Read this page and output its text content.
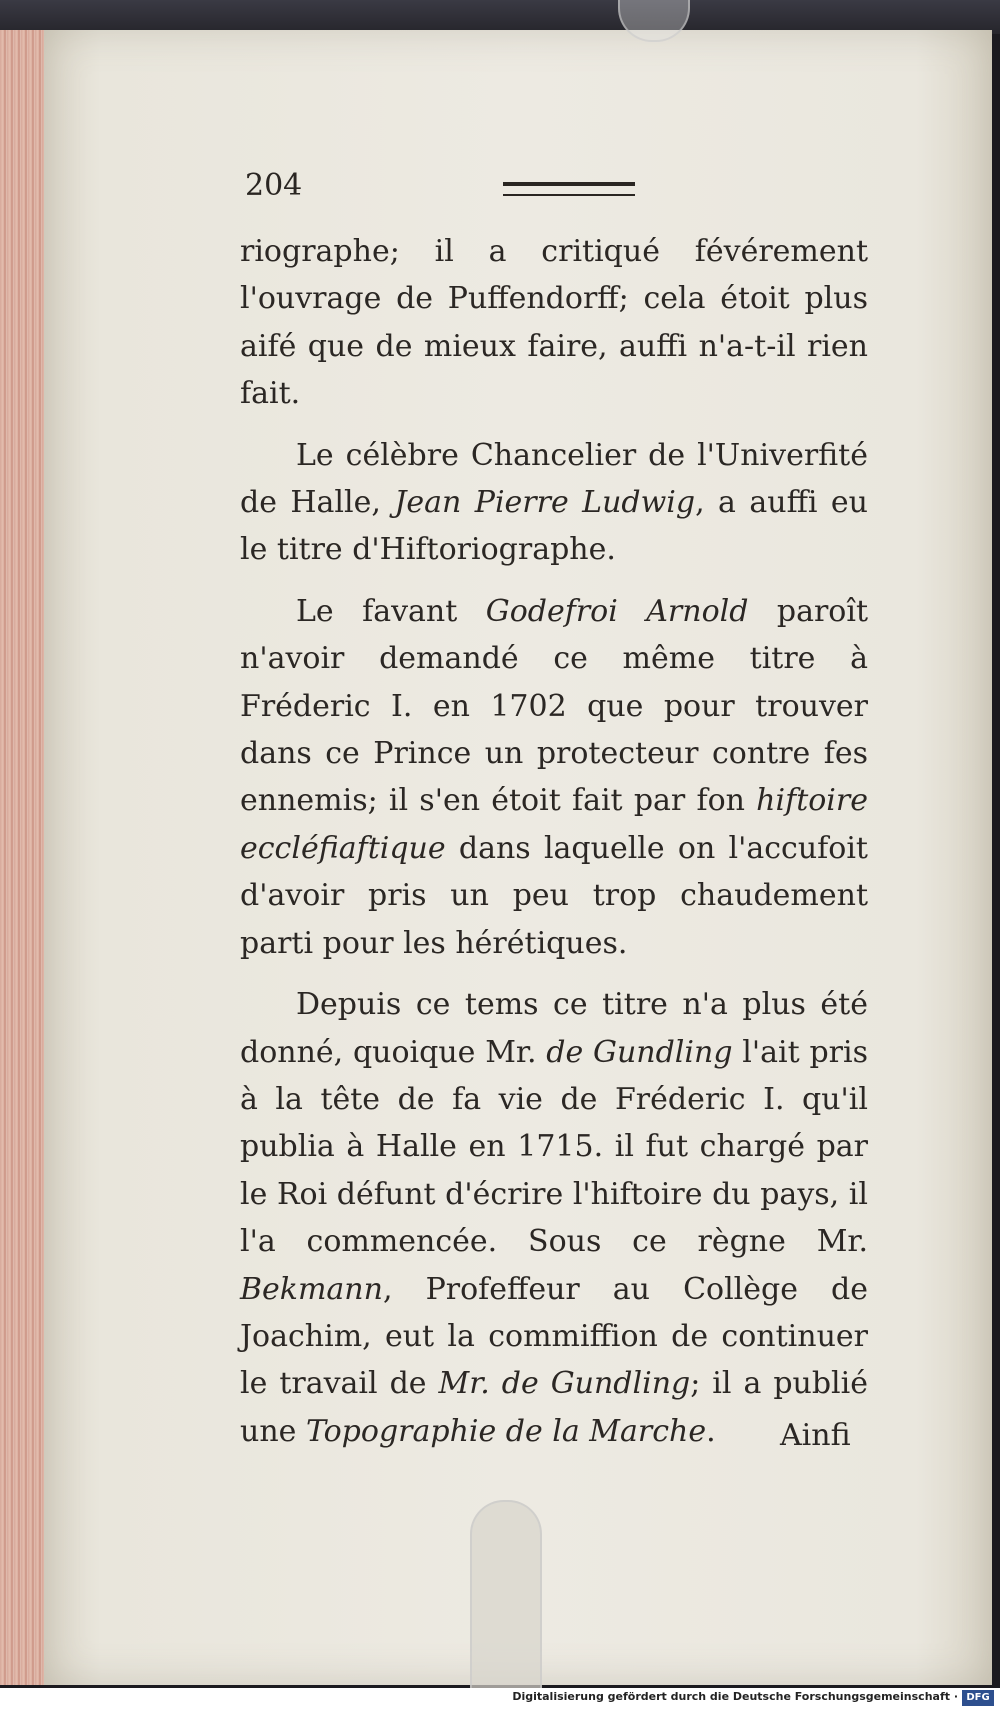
204

riographe; il a critiqué févérement l'ouvrage de Puffendorff; cela étoit plus aifé que de mieux faire, auffi n'a-t-il rien fait.

Le célèbre Chancelier de l'Univerfité de Halle, Jean Pierre Ludwig, a auffi eu le titre d'Hiftoriographe.

Le favant Godefroi Arnold paroît n'avoir demandé ce même titre à Fréderic I. en 1702 que pour trouver dans ce Prince un protecteur contre fes ennemis; il s'en étoit fait par fon hiftoire eccléfiaftique dans laquelle on l'accufoit d'avoir pris un peu trop chaudement parti pour les hérétiques.

Depuis ce tems ce titre n'a plus été donné, quoique Mr. de Gundling l'ait pris à la tête de fa vie de Fréderic I. qu'il publia à Halle en 1715. il fut chargé par le Roi défunt d'écrire l'hiftoire du pays, il l'a commencée. Sous ce règne Mr. Bekmann, Profeffeur au Collège de Joachim, eut la commiffion de continuer le travail de Mr. de Gundling; il a publié une Topographie de la Marche.	Ainfi
Digitalisierung gefördert durch die Deutsche Forschungsgemeinschaft · DFG
